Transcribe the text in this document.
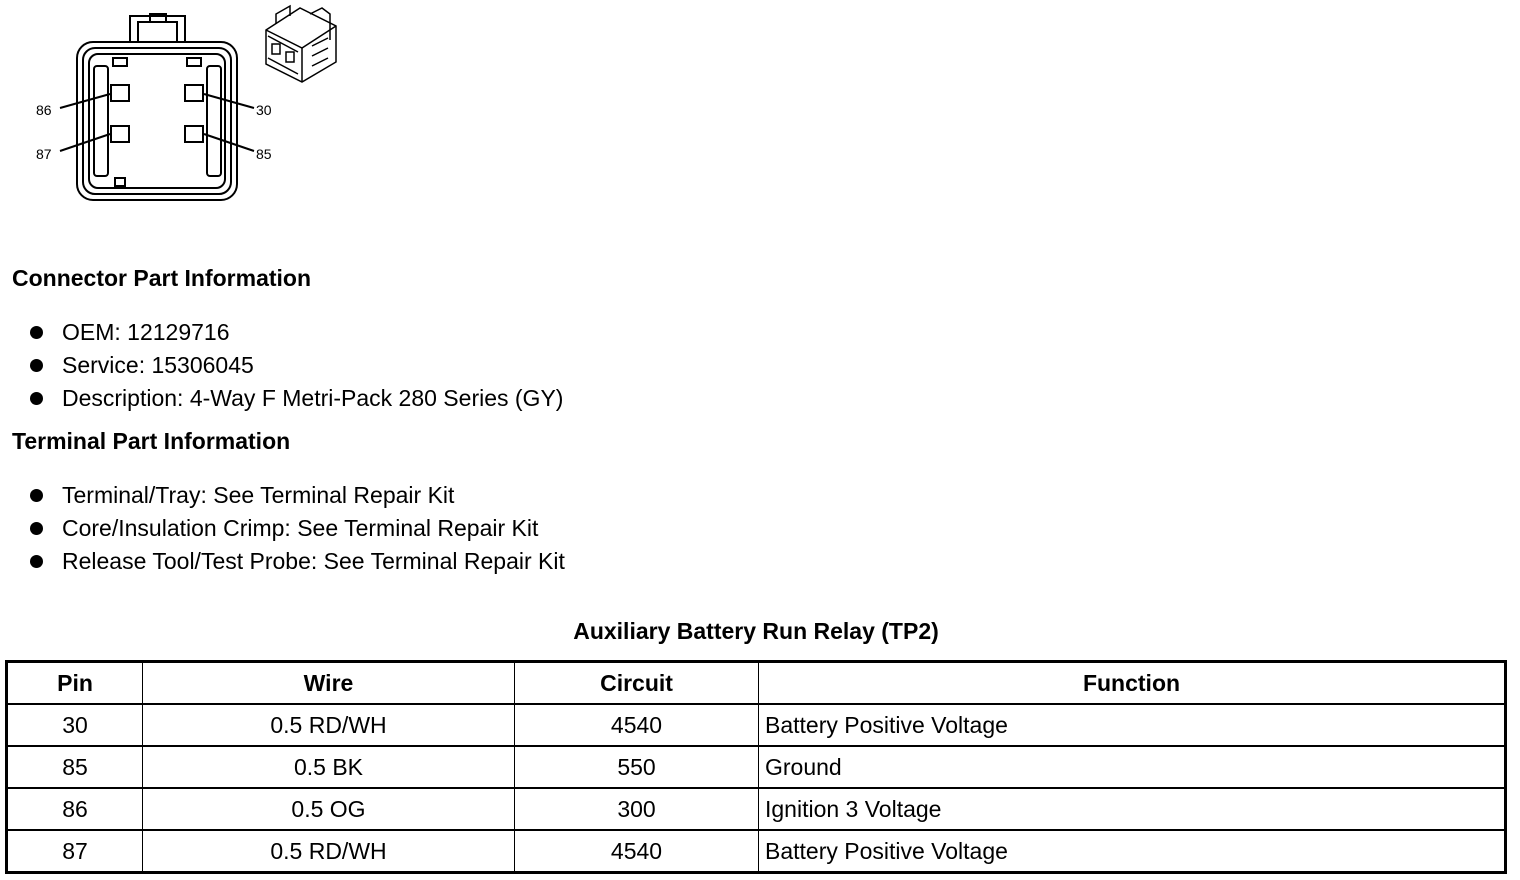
86	30
87	85
Connector Part Information
OEM: 12129716
Service: 15306045
Description: 4-Way F Metri-Pack 280 Series (GY)
Terminal Part Information
Terminal/Tray: See Terminal Repair Kit
Core/Insulation Crimp: See Terminal Repair Kit
Release Tool/Test Probe: See Terminal Repair Kit
Auxiliary Battery Run Relay (TP2)
Pin	Wire	Circuit	Function
30	0.5 RD/WH	4540	Battery Positive Voltage
85	0.5 BK	550	Ground
86	0.5 OG	300	Ignition 3 Voltage
87	0.5 RD/WH	4540	Battery Positive Voltage
